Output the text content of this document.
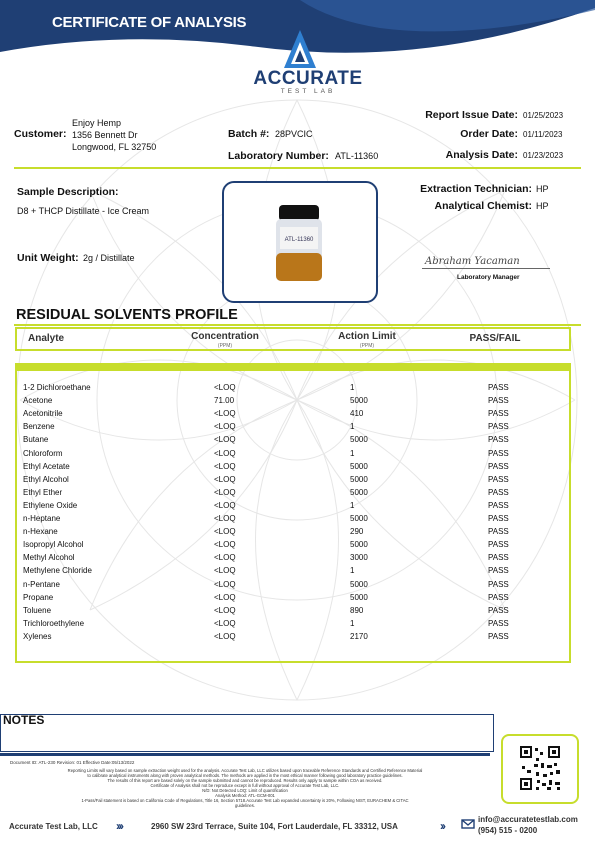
CERTIFICATE OF ANALYSIS
ACCURATE
TEST LAB
Customer:
Enjoy Hemp
1356 Bennett Dr
Longwood, FL 32750
Batch #: 28PVCIC
Laboratory Number: ATL-11360
Report Issue Date: 01/25/2023
Order Date: 01/11/2023
Analysis Date: 01/23/2023
Sample Description:
D8 + THCP Distillate - Ice Cream
Unit Weight: 2g / Distillate
ATL-11360
Extraction Technician: HP
Analytical Chemist: HP
Abraham Yacaman
Laboratory Manager
RESIDUAL SOLVENTS PROFILE
Analyte	Concentration
(PPM)
Action Limit
(PPM)
PASS/FAIL
1-2 Dichloroethane	<LOQ	1	PASS
Acetone	71.00	5000	PASS
Acetonitrile	<LOQ	410	PASS
Benzene	<LOQ	1	PASS
Butane	<LOQ	5000	PASS
Chloroform	<LOQ	1	PASS
Ethyl Acetate	<LOQ	5000	PASS
Ethyl Alcohol	<LOQ	5000	PASS
Ethyl Ether	<LOQ	5000	PASS
Ethylene Oxide	<LOQ	1	PASS
n-Heptane	<LOQ	5000	PASS
n-Hexane	<LOQ	290	PASS
Isopropyl Alcohol	<LOQ	5000	PASS
Methyl Alcohol	<LOQ	3000	PASS
Methylene Chloride	<LOQ	1	PASS
n-Pentane	<LOQ	5000	PASS
Propane	<LOQ	5000	PASS
Toluene	<LOQ	890	PASS
Trichloroethylene	<LOQ	1	PASS
Xylenes	<LOQ	2170	PASS
NOTES
Document ID: ATL-230 Revision: 01 Effective Date:05/13/2022
Reporting Limits will vary based on sample extraction weight used for the analysis. Accurate Test Lab, LLC utilizes based upon traceable Reference Standards and Certified Reference Material
to calibrate analytical instruments along with proven analytical methods. The methods are applied in the most ethical manner following good laboratory practice guidelines.
The results of this report are based solely on the sample submitted and cannot be reproduced. Results only apply to sample within COA as received.
Certificate of Analysis shall not be reproduce except in full without approval of Accurate Test Lab, LLC.
N/D: Not Detected LOQ: Limit of quantification
Analysis Method: ATL-GCM-001
1-Pass/Fail statement is based on California Code of Regulations, Title 16, Section 5718.Accurate Test Lab expanded uncertainty is 20%, Following NIST, EURACHEM & CITAC
guidelines.
Accurate Test Lab, LLC ›››	2960 SW 23rd Terrace, Suite 104, Fort Lauderdale, FL 33312, USA	››	info@accuratetestlab.com
(954) 515 - 0200
